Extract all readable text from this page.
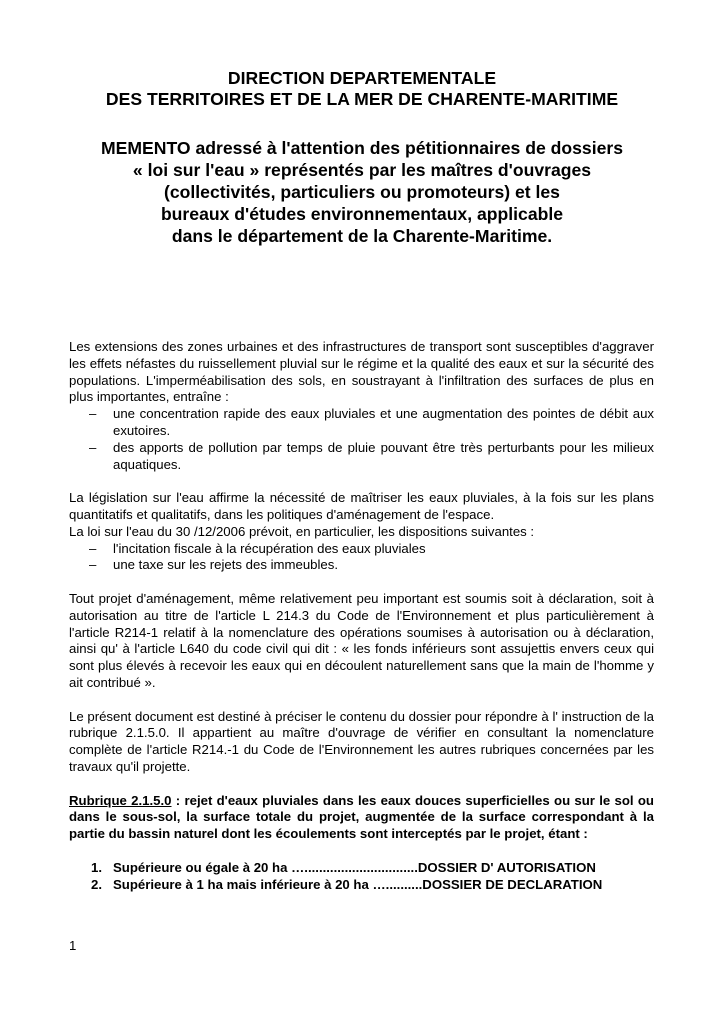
DIRECTION DEPARTEMENTALE
DES TERRITOIRES ET DE LA MER DE CHARENTE-MARITIME
MEMENTO adressé à l'attention des pétitionnaires de dossiers
« loi sur l'eau » représentés par les maîtres d'ouvrages
(collectivités, particuliers ou promoteurs) et les
bureaux d'études environnementaux, applicable
dans le département de la Charente-Maritime.

Les extensions des zones urbaines et des infrastructures de transport sont susceptibles d'aggraver les effets néfastes du ruissellement pluvial sur le régime et la qualité des eaux et sur la sécurité des populations. L'imperméabilisation des sols, en soustrayant à l'infiltration des surfaces de plus en plus importantes, entraîne :

– une concentration rapide des eaux pluviales et une augmentation des pointes de débit aux exutoires.
– des apports de pollution par temps de pluie pouvant être très perturbants pour les milieux aquatiques.

La législation sur l'eau affirme la nécessité de maîtriser les eaux pluviales, à la fois sur les plans quantitatifs et qualitatifs, dans les politiques d'aménagement de l'espace.

La loi sur l'eau du 30 /12/2006 prévoit, en particulier, les dispositions suivantes :

– l'incitation fiscale à la récupération des eaux pluviales
– une taxe sur les rejets des immeubles.

Tout projet d'aménagement, même relativement peu important est soumis soit à déclaration, soit à autorisation au titre de l'article L 214.3 du Code de l'Environnement et plus particulièrement à l'article R214-1 relatif à la nomenclature des opérations soumises à autorisation ou à déclaration, ainsi qu' à l'article L640 du code civil qui dit : « les fonds inférieurs sont assujettis envers ceux qui sont plus élevés à recevoir les eaux qui en découlent naturellement sans que la main de l'homme y ait contribué ».

Le présent document est destiné à préciser le contenu du dossier pour répondre à l' instruction de la rubrique 2.1.5.0. Il appartient au maître d'ouvrage de vérifier en consultant la nomenclature complète de l'article R214.-1 du Code de l'Environnement les autres rubriques concernées par les travaux qu'il projette.

Rubrique 2.1.5.0 : rejet d'eaux pluviales dans les eaux douces superficielles ou sur le sol ou dans le sous-sol, la surface totale du projet, augmentée de la surface correspondant à la partie du bassin naturel dont les écoulements sont interceptés par le projet, étant :

1. Supérieure ou égale à 20 ha …...............................DOSSIER D' AUTORISATION
2. Supérieure à 1 ha mais inférieure à 20 ha …..........DOSSIER DE DECLARATION
1
